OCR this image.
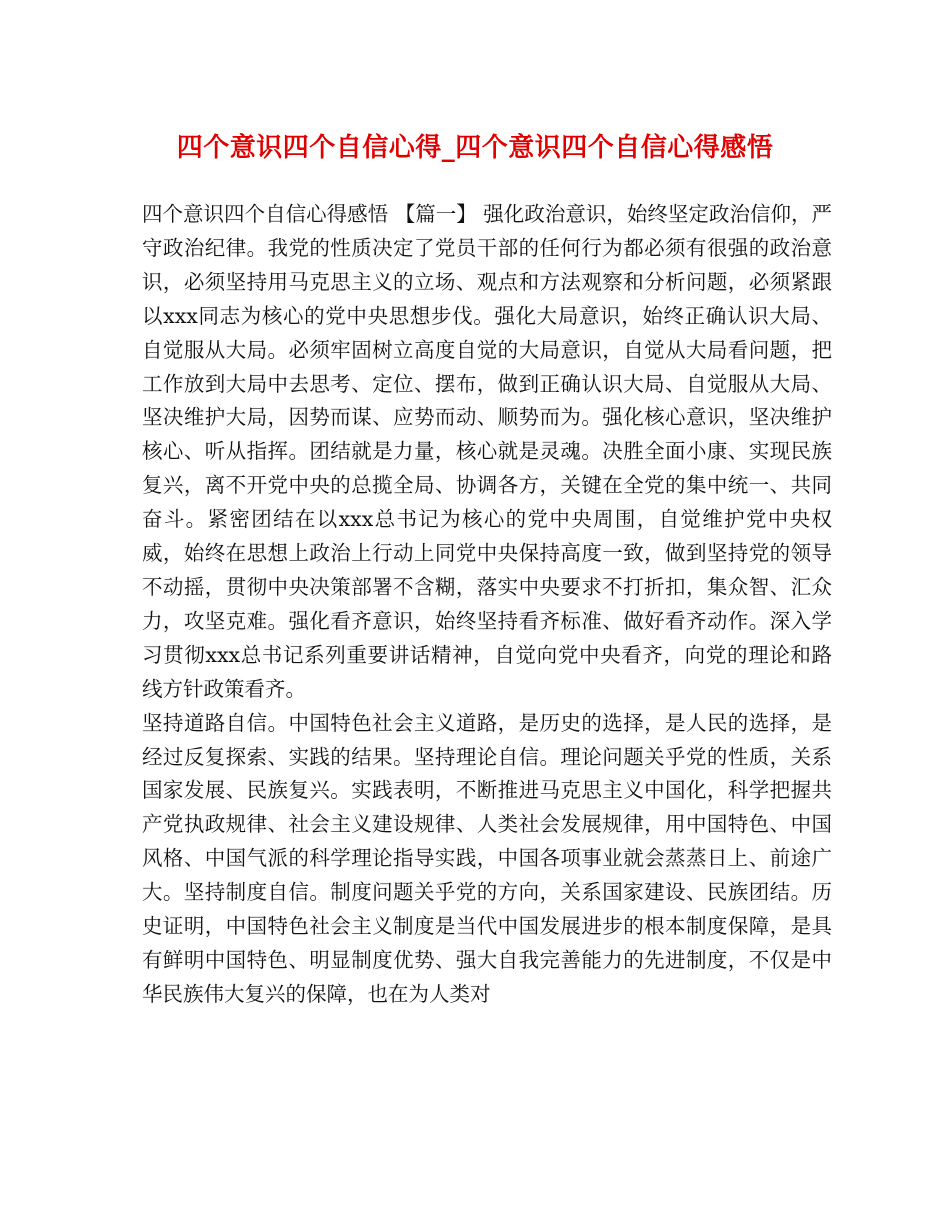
四个意识四个自信心得_四个意识四个自信心得感悟

四个意识四个自信心得感悟 【篇一】 强化政治意识，始终坚定政治信仰，严守政治纪律。我党的性质决定了党员干部的任何行为都必须有很强的政治意识，必须坚持用马克思主义的立场、观点和方法观察和分析问题，必须紧跟以xxx同志为核心的党中央思想步伐。强化大局意识，始终正确认识大局、自觉服从大局。必须牢固树立高度自觉的大局意识，自觉从大局看问题，把工作放到大局中去思考、定位、摆布，做到正确认识大局、自觉服从大局、坚决维护大局，因势而谋、应势而动、顺势而为。强化核心意识，坚决维护核心、听从指挥。团结就是力量，核心就是灵魂。决胜全面小康、实现民族复兴，离不开党中央的总揽全局、协调各方，关键在全党的集中统一、共同奋斗。紧密团结在以xxx总书记为核心的党中央周围，自觉维护党中央权威，始终在思想上政治上行动上同党中央保持高度一致，做到坚持党的领导不动摇，贯彻中央决策部署不含糊，落实中央要求不打折扣，集众智、汇众力，攻坚克难。强化看齐意识，始终坚持看齐标准、做好看齐动作。深入学习贯彻xxx总书记系列重要讲话精神，自觉向党中央看齐，向党的理论和路线方针政策看齐。

坚持道路自信。中国特色社会主义道路，是历史的选择，是人民的选择，是经过反复探索、实践的结果。坚持理论自信。理论问题关乎党的性质，关系国家发展、民族复兴。实践表明，不断推进马克思主义中国化，科学把握共产党执政规律、社会主义建设规律、人类社会发展规律，用中国特色、中国风格、中国气派的科学理论指导实践，中国各项事业就会蒸蒸日上、前途广大。坚持制度自信。制度问题关乎党的方向，关系国家建设、民族团结。历史证明，中国特色社会主义制度是当代中国发展进步的根本制度保障，是具有鲜明中国特色、明显制度优势、强大自我完善能力的先进制度，不仅是中华民族伟大复兴的保障，也在为人类对
